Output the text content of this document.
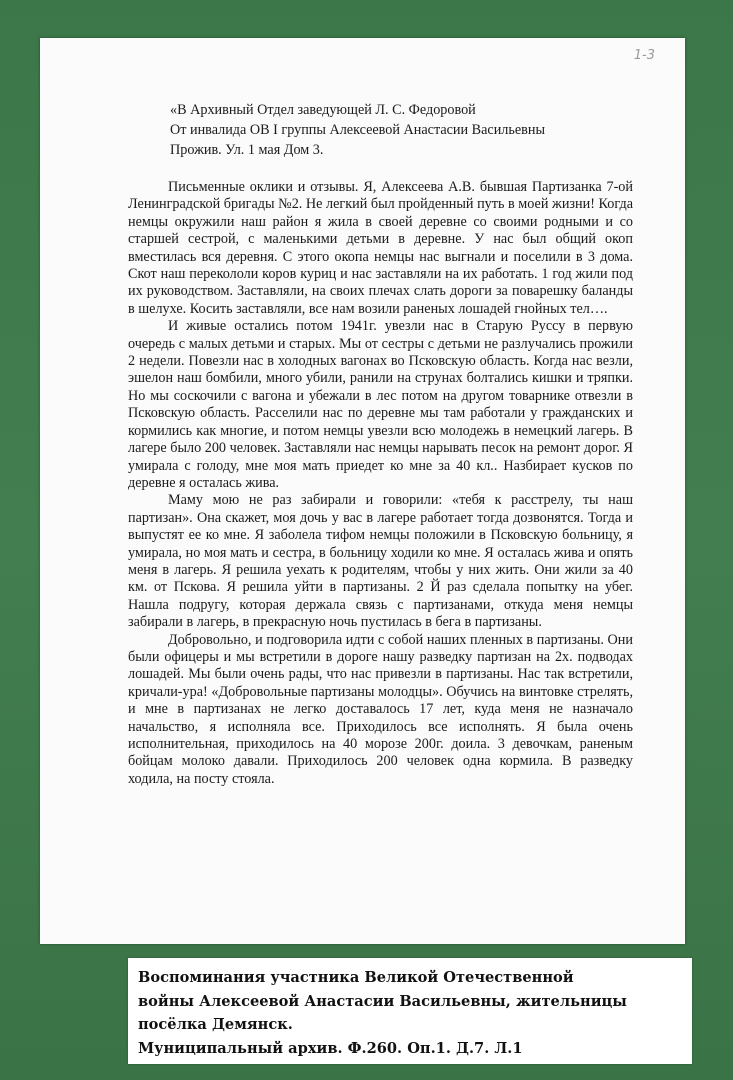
1-3
«В Архивный Отдел заведующей Л. С. Федоровой
От инвалида ОВ I группы Алексеевой Анастасии Васильевны
Прожив. Ул. 1 мая Дом 3.

Письменные оклики и отзывы. Я, Алексеева А.В. бывшая Партизанка 7-ой Ленинградской бригады №2. Не легкий был пройденный путь в моей жизни! Когда немцы окружили наш район я жила в своей деревне со своими родными и со старшей сестрой, с маленькими детьми в деревне. У нас был общий окоп вместилась вся деревня. С этого окопа немцы нас выгнали и поселили в 3 дома. Скот наш перекололи коров куриц и нас заставляли на их работать. 1 год жили под их руководством. Заставляли, на своих плечах слать дороги за поварешку баланды в шелухе. Косить заставляли, все нам возили раненых лошадей гнойных тел….

И живые остались потом 1941г. увезли нас в Старую Руссу в первую очередь с малых детьми и старых. Мы от сестры с детьми не разлучались прожили 2 недели. Повезли нас в холодных вагонах во Псковскую область. Когда нас везли, эшелон наш бомбили, много убили, ранили на струнах болтались кишки и тряпки. Но мы соскочили с вагона и убежали в лес потом на другом товарнике отвезли в Псковскую область. Расселили нас по деревне мы там работали у гражданских и кормились как многие, и потом немцы увезли всю молодежь в немецкий лагерь. В лагере было 200 человек. Заставляли нас немцы нарывать песок на ремонт дорог. Я умирала с голоду, мне моя мать приедет ко мне за 40 кл.. Назбирает кусков по деревне я осталась жива.

Маму мою не раз забирали и говорили: «тебя к расстрелу, ты наш партизан». Она скажет, моя дочь у вас в лагере работает тогда дозвонятся. Тогда и выпустят ее ко мне. Я заболела тифом немцы положили в Псковскую больницу, я умирала, но моя мать и сестра, в больницу ходили ко мне. Я осталась жива и опять меня в лагерь. Я решила уехать к родителям, чтобы у них жить. Они жили за 40 км. от Пскова. Я решила уйти в партизаны. 2 Й раз сделала попытку на убег. Нашла подругу, которая держала связь с партизанами, откуда меня немцы забирали в лагерь, в прекрасную ночь пустилась в бега в партизаны.

Добровольно, и подговорила идти с собой наших пленных в партизаны. Они были офицеры и мы встретили в дороге нашу разведку партизан на 2х. подводах лошадей. Мы были очень рады, что нас привезли в партизаны. Нас так встретили, кричали-ура! «Добровольные партизаны молодцы». Обучись на винтовке стрелять, и мне в партизанах не легко доставалось 17 лет, куда меня не назначало начальство, я исполняла все. Приходилось все исполнять. Я была очень исполнительная, приходилось на 40 морозе 200г. доила. 3 девочкам, раненым бойцам молоко давали. Приходилось 200 человек одна кормила. В разведку ходила, на посту стояла.

Воспоминания участника Великой Отечественной
войны Алексеевой Анастасии Васильевны, жительницы
посёлка Демянск.
Муниципальный архив. Ф.260. Оп.1. Д.7. Л.1
